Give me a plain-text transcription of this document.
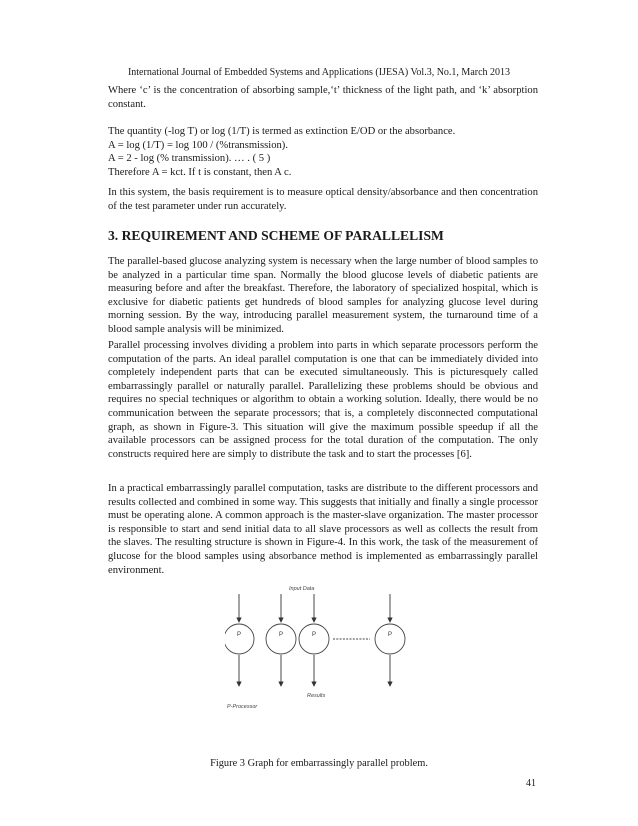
International Journal of Embedded Systems and Applications (IJESA) Vol.3, No.1, March 2013

Where ‘c’ is the concentration of absorbing sample,‘t’ thickness of the light path, and ‘k’ absorption constant.

The quantity (-log T) or log (1/T) is termed as extinction E/OD or the absorbance.

A = log (1/T) = log 100 / (%transmission).

A = 2 - log (% transmission). … . ( 5 )

Therefore A = kct. If t is constant, then A c.

In this system, the basis requirement is to measure optical density/absorbance and then concentration of the test parameter under run accurately.

3. REQUIREMENT AND SCHEME OF PARALLELISM

The parallel-based glucose analyzing system is necessary when the large number of blood samples to be analyzed in a particular time span. Normally the blood glucose levels of diabetic patients are measuring before and after the breakfast. Therefore, the laboratory of specialized hospital, which is exclusive for diabetic patients get hundreds of blood samples for analyzing glucose level during morning session. By the way, introducing parallel measurement system, the turnaround time of a blood sample analysis will be minimized.

Parallel processing involves dividing a problem into parts in which separate processors perform the computation of the parts. An ideal parallel computation is one that can be immediately divided into completely independent parts that can be executed simultaneously. This is picturesquely called embarrassingly parallel or naturally parallel. Parallelizing these problems should be obvious and requires no special techniques or algorithm to obtain a working solution. Ideally, there would be no communication between the separate processors; that is, a completely disconnected computational graph, as shown in Figure-3. This situation will give the maximum possible speedup if all the available processors can be assigned process for the total duration of the computation. The only constructs required here are simply to distribute the task and to start the processes [6].

In a practical embarrassingly parallel computation, tasks are distribute to the different processors and results collected and combined in some way. This suggests that initially and finally a single processor must be operating alone. A common approach is the master-slave organization. The master processor is responsible to start and send initial data to all slave processors as well as collects the result from the slaves. The resulting structure is shown in Figure-4. In this work, the task of the measurement of glucose for the blood samples using absorbance method is implemented as embarrassingly parallel environment.

Input Data
P	P	P	P
Results
P-Processor
Figure 3 Graph for embarrassingly parallel problem.
41
